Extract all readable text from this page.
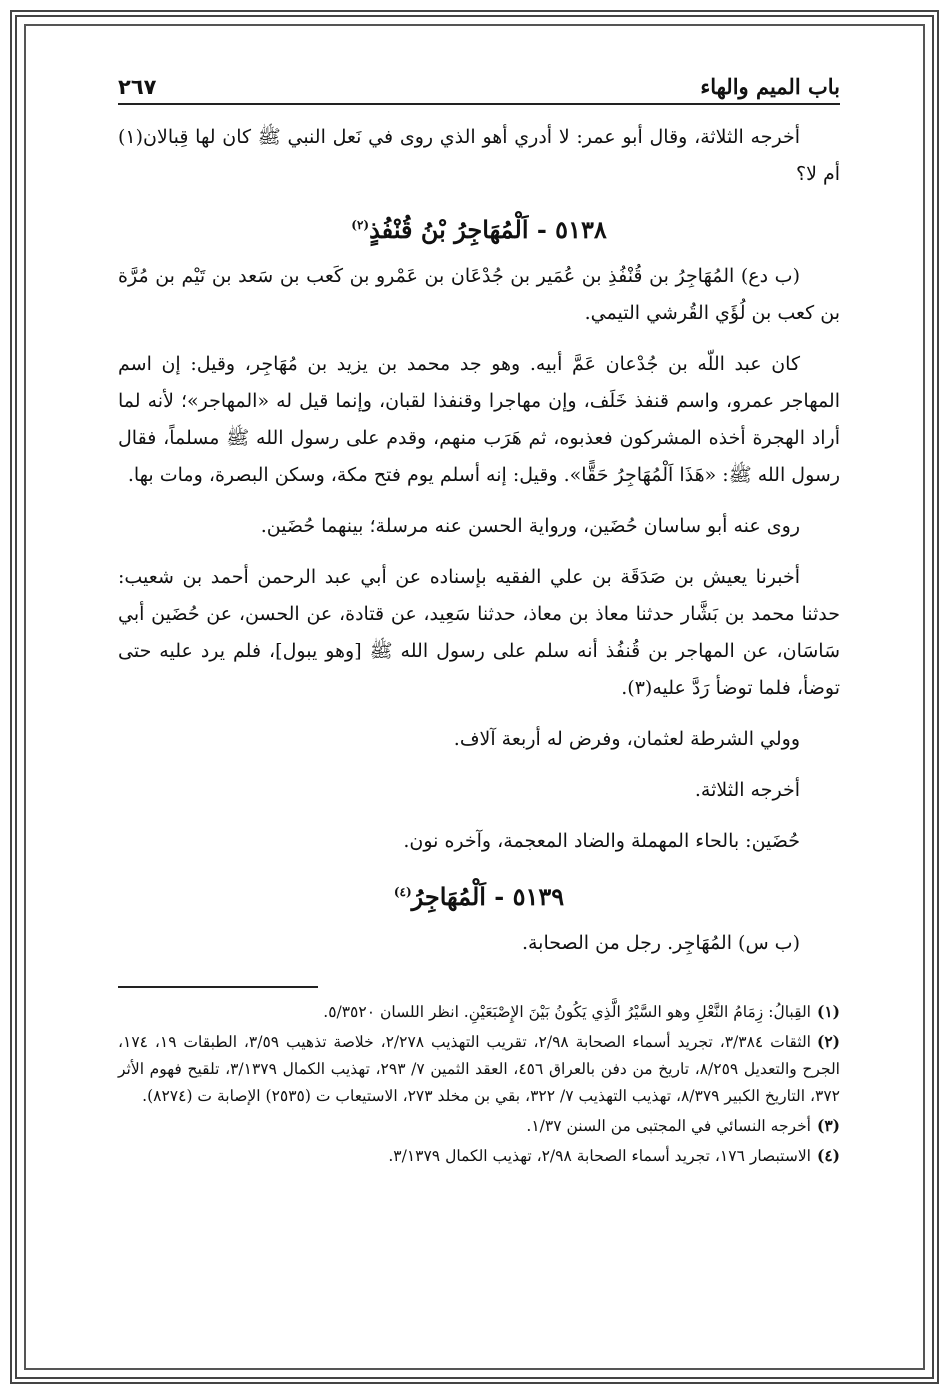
باب الميم والهاء
٢٦٧

أخرجه الثلاثة، وقال أبو عمر: لا أدري أهو الذي روى في نَعل النبي ﷺ كان لها قِبالان(١) أم لا؟

٥١٣٨ - اَلْمُهَاجِرُ بْنُ قُنْفُذٍ$^{(٢)}$

(ب دع) المُهَاجِرُ بن قُنْفُذِ بن عُمَير بن جُدْعَان بن عَمْرو بن كَعب بن سَعد بن تَيْم بن مُرَّة بن كعب بن لُؤَي القُرشي التيمي.

كان عبد اللّه بن جُدْعان عَمَّ أبيه. وهو جد محمد بن يزيد بن مُهَاجِر، وقيل: إن اسم المهاجر عمرو، واسم قنفذ خَلَف، وإن مهاجرا وقنفذا لقبان، وإنما قيل له «المهاجر»؛ لأنه لما أراد الهجرة أخذه المشركون فعذبوه، ثم هَرَب منهم، وقدم على رسول الله ﷺ مسلماً، فقال رسول الله ﷺ: «هَذَا اَلْمُهَاجِرُ حَقًّا». وقيل: إنه أسلم يوم فتح مكة، وسكن البصرة، ومات بها.

روى عنه أبو ساسان حُضَين، ورواية الحسن عنه مرسلة؛ بينهما حُضَين.

أخبرنا يعيش بن صَدَقَة بن علي الفقيه بإسناده عن أبي عبد الرحمن أحمد بن شعيب: حدثنا محمد بن بَشَّار حدثنا معاذ بن معاذ، حدثنا سَعِيد، عن قتادة، عن الحسن، عن حُضَين أبي سَاسَان، عن المهاجر بن قُنفُذ أنه سلم على رسول الله ﷺ [وهو يبول]، فلم يرد عليه حتى توضأ، فلما توضأ رَدَّ عليه(٣).

وولي الشرطة لعثمان، وفرض له أربعة آلاف.

أخرجه الثلاثة.

حُضَين: بالحاء المهملة والضاد المعجمة، وآخره نون.

٥١٣٩ - اَلْمُهَاجِرُ$^{(٤)}$

(ب س) المُهَاجِر. رجل من الصحابة.

(١)القِبالُ: زِمَامُ النَّعْلِ وهو السَّيْرُ الَّذِي يَكُونُ بَيْنَ الإِصْبَعَيْنِ. انظر اللسان ٥/٣٥٢٠.

(٢)الثقات ٣/٣٨٤، تجريد أسماء الصحابة ٢/٩٨، تقريب التهذيب ٢/٢٧٨، خلاصة تذهيب ٣/٥٩، الطبقات ١٩، ١٧٤، الجرح والتعديل ٨/٢٥٩، تاريخ من دفن بالعراق ٤٥٦، العقد الثمين ٧/ ٢٩٣، تهذيب الكمال ٣/١٣٧٩، تلقيح فهوم الأثر ٣٧٢، التاريخ الكبير ٨/٣٧٩، تهذيب التهذيب ٧/ ٣٢٢، بقي بن مخلد ٢٧٣، الاستيعاب ت (٢٥٣٥) الإصابة ت (٨٢٧٤).

(٣)أخرجه النسائي في المجتبى من السنن ١/٣٧.

(٤)الاستبصار ١٧٦، تجريد أسماء الصحابة ٢/٩٨، تهذيب الكمال ٣/١٣٧٩.
